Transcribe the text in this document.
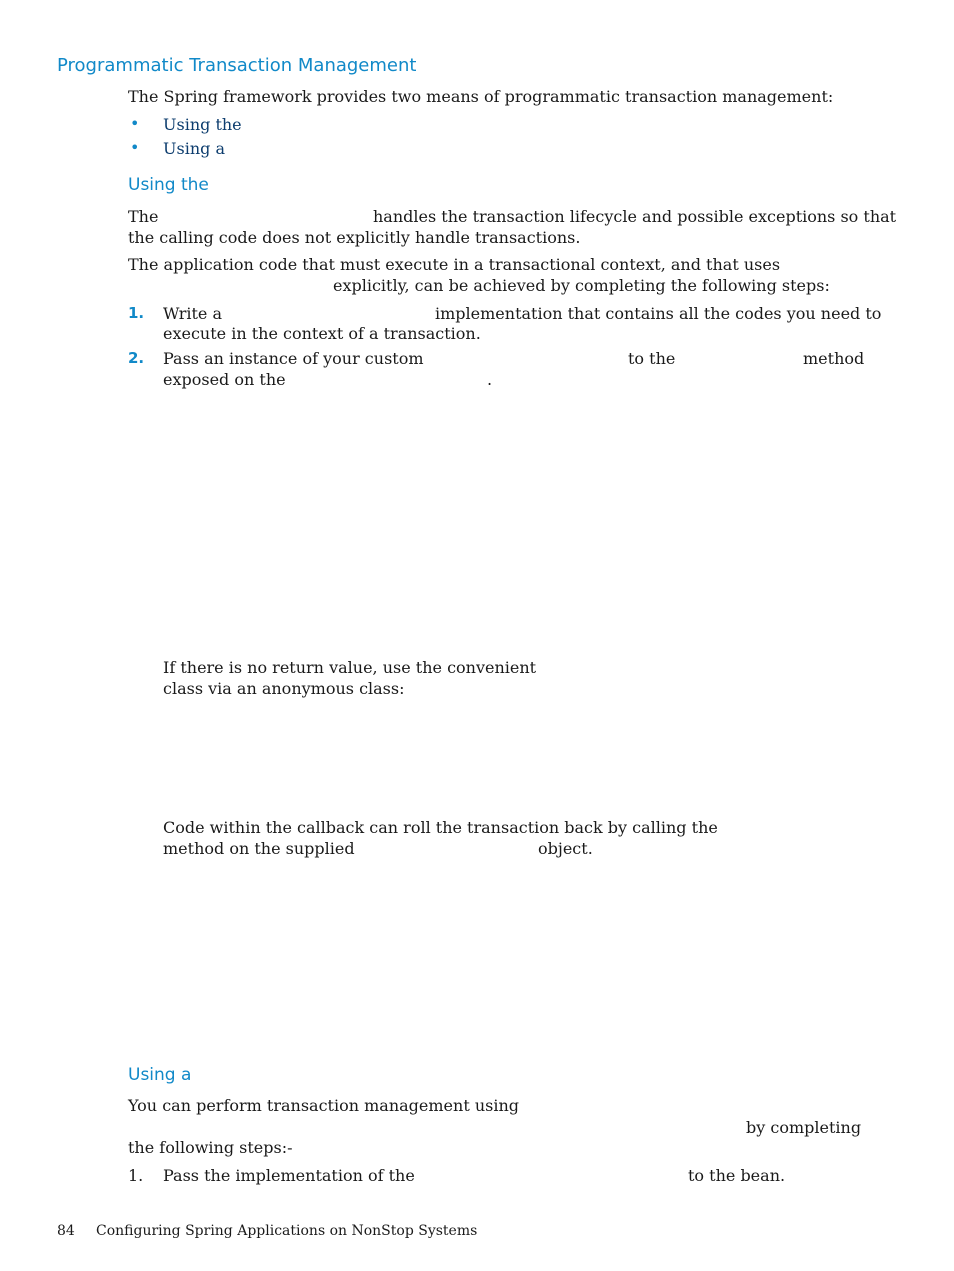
Programmatic Transaction Management
The Spring framework provides two means of programmatic transaction management:
• Using the
• Using a
Using the
The	handles the transaction lifecycle and possible exceptions so that
the calling code does not explicitly handle transactions.
The application code that must execute in a transactional context, and that uses
explicitly, can be achieved by completing the following steps:
1. Write a	implementation that contains all the codes you need to
execute in the context of a transaction.
2. Pass an instance of your custom	to the	method
exposed on the	.
If there is no return value, use the convenient
class via an anonymous class:
Code within the callback can roll the transaction back by calling the
method on the supplied	object.
Using a
You can perform transaction management using
by completing
the following steps:-
1. Pass the implementation of the	to the bean.
84 Configuring Spring Applications on NonStop Systems
